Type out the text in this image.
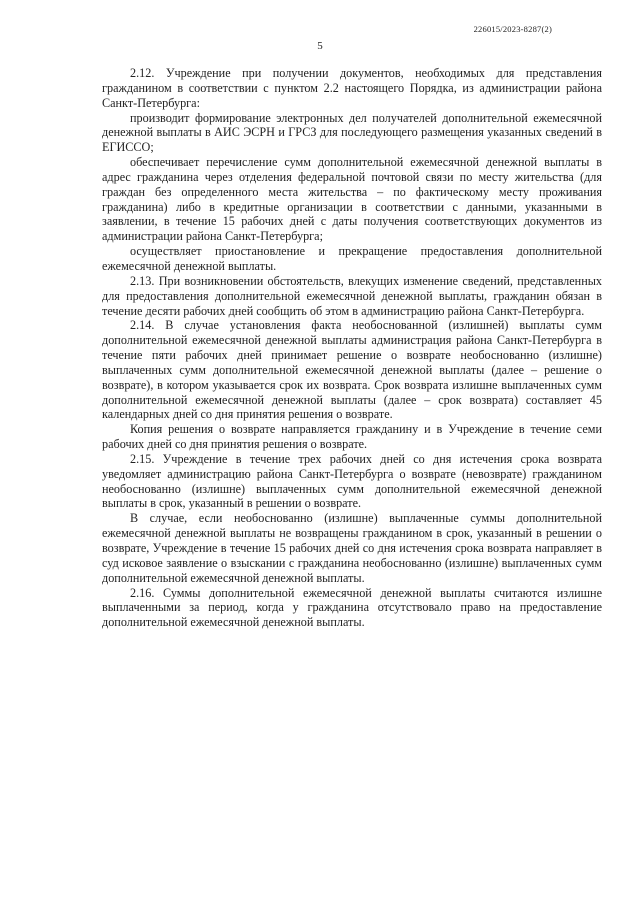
226015/2023-8287(2)
5

2.12. Учреждение при получении документов, необходимых для представления гражданином в соответствии с пунктом 2.2 настоящего Порядка, из администрации района Санкт-Петербурга:

производит формирование электронных дел получателей дополнительной ежемесячной денежной выплаты в АИС ЭСРН и ГРСЗ для последующего размещения указанных сведений в ЕГИССО;

обеспечивает перечисление сумм дополнительной ежемесячной денежной выплаты в адрес гражданина через отделения федеральной почтовой связи по месту жительства (для граждан без определенного места жительства – по фактическому месту проживания гражданина) либо в кредитные организации в соответствии с данными, указанными в заявлении, в течение 15 рабочих дней с даты получения соответствующих документов из администрации района Санкт-Петербурга;

осуществляет приостановление и прекращение предоставления дополнительной ежемесячной денежной выплаты.

2.13. При возникновении обстоятельств, влекущих изменение сведений, представленных для предоставления дополнительной ежемесячной денежной выплаты, гражданин обязан в течение десяти рабочих дней сообщить об этом в администрацию района Санкт-Петербурга.

2.14. В случае установления факта необоснованной (излишней) выплаты сумм дополнительной ежемесячной денежной выплаты администрация района Санкт-Петербурга в течение пяти рабочих дней принимает решение о возврате необоснованно (излишне) выплаченных сумм дополнительной ежемесячной денежной выплаты (далее – решение о возврате), в котором указывается срок их возврата. Срок возврата излишне выплаченных сумм дополнительной ежемесячной денежной выплаты (далее – срок возврата) составляет 45 календарных дней со дня принятия решения о возврате.

Копия решения о возврате направляется гражданину и в Учреждение в течение семи рабочих дней со дня принятия решения о возврате.

2.15. Учреждение в течение трех рабочих дней со дня истечения срока возврата уведомляет администрацию района Санкт-Петербурга о возврате (невозврате) гражданином необоснованно (излишне) выплаченных сумм дополнительной ежемесячной денежной выплаты в срок, указанный в решении о возврате.

В случае, если необоснованно (излишне) выплаченные суммы дополнительной ежемесячной денежной выплаты не возвращены гражданином в срок, указанный в решении о возврате, Учреждение в течение 15 рабочих дней со дня истечения срока возврата направляет в суд исковое заявление о взыскании с гражданина необоснованно (излишне) выплаченных сумм дополнительной ежемесячной денежной выплаты.

2.16. Суммы дополнительной ежемесячной денежной выплаты считаются излишне выплаченными за период, когда у гражданина отсутствовало право на предоставление дополнительной ежемесячной денежной выплаты.
